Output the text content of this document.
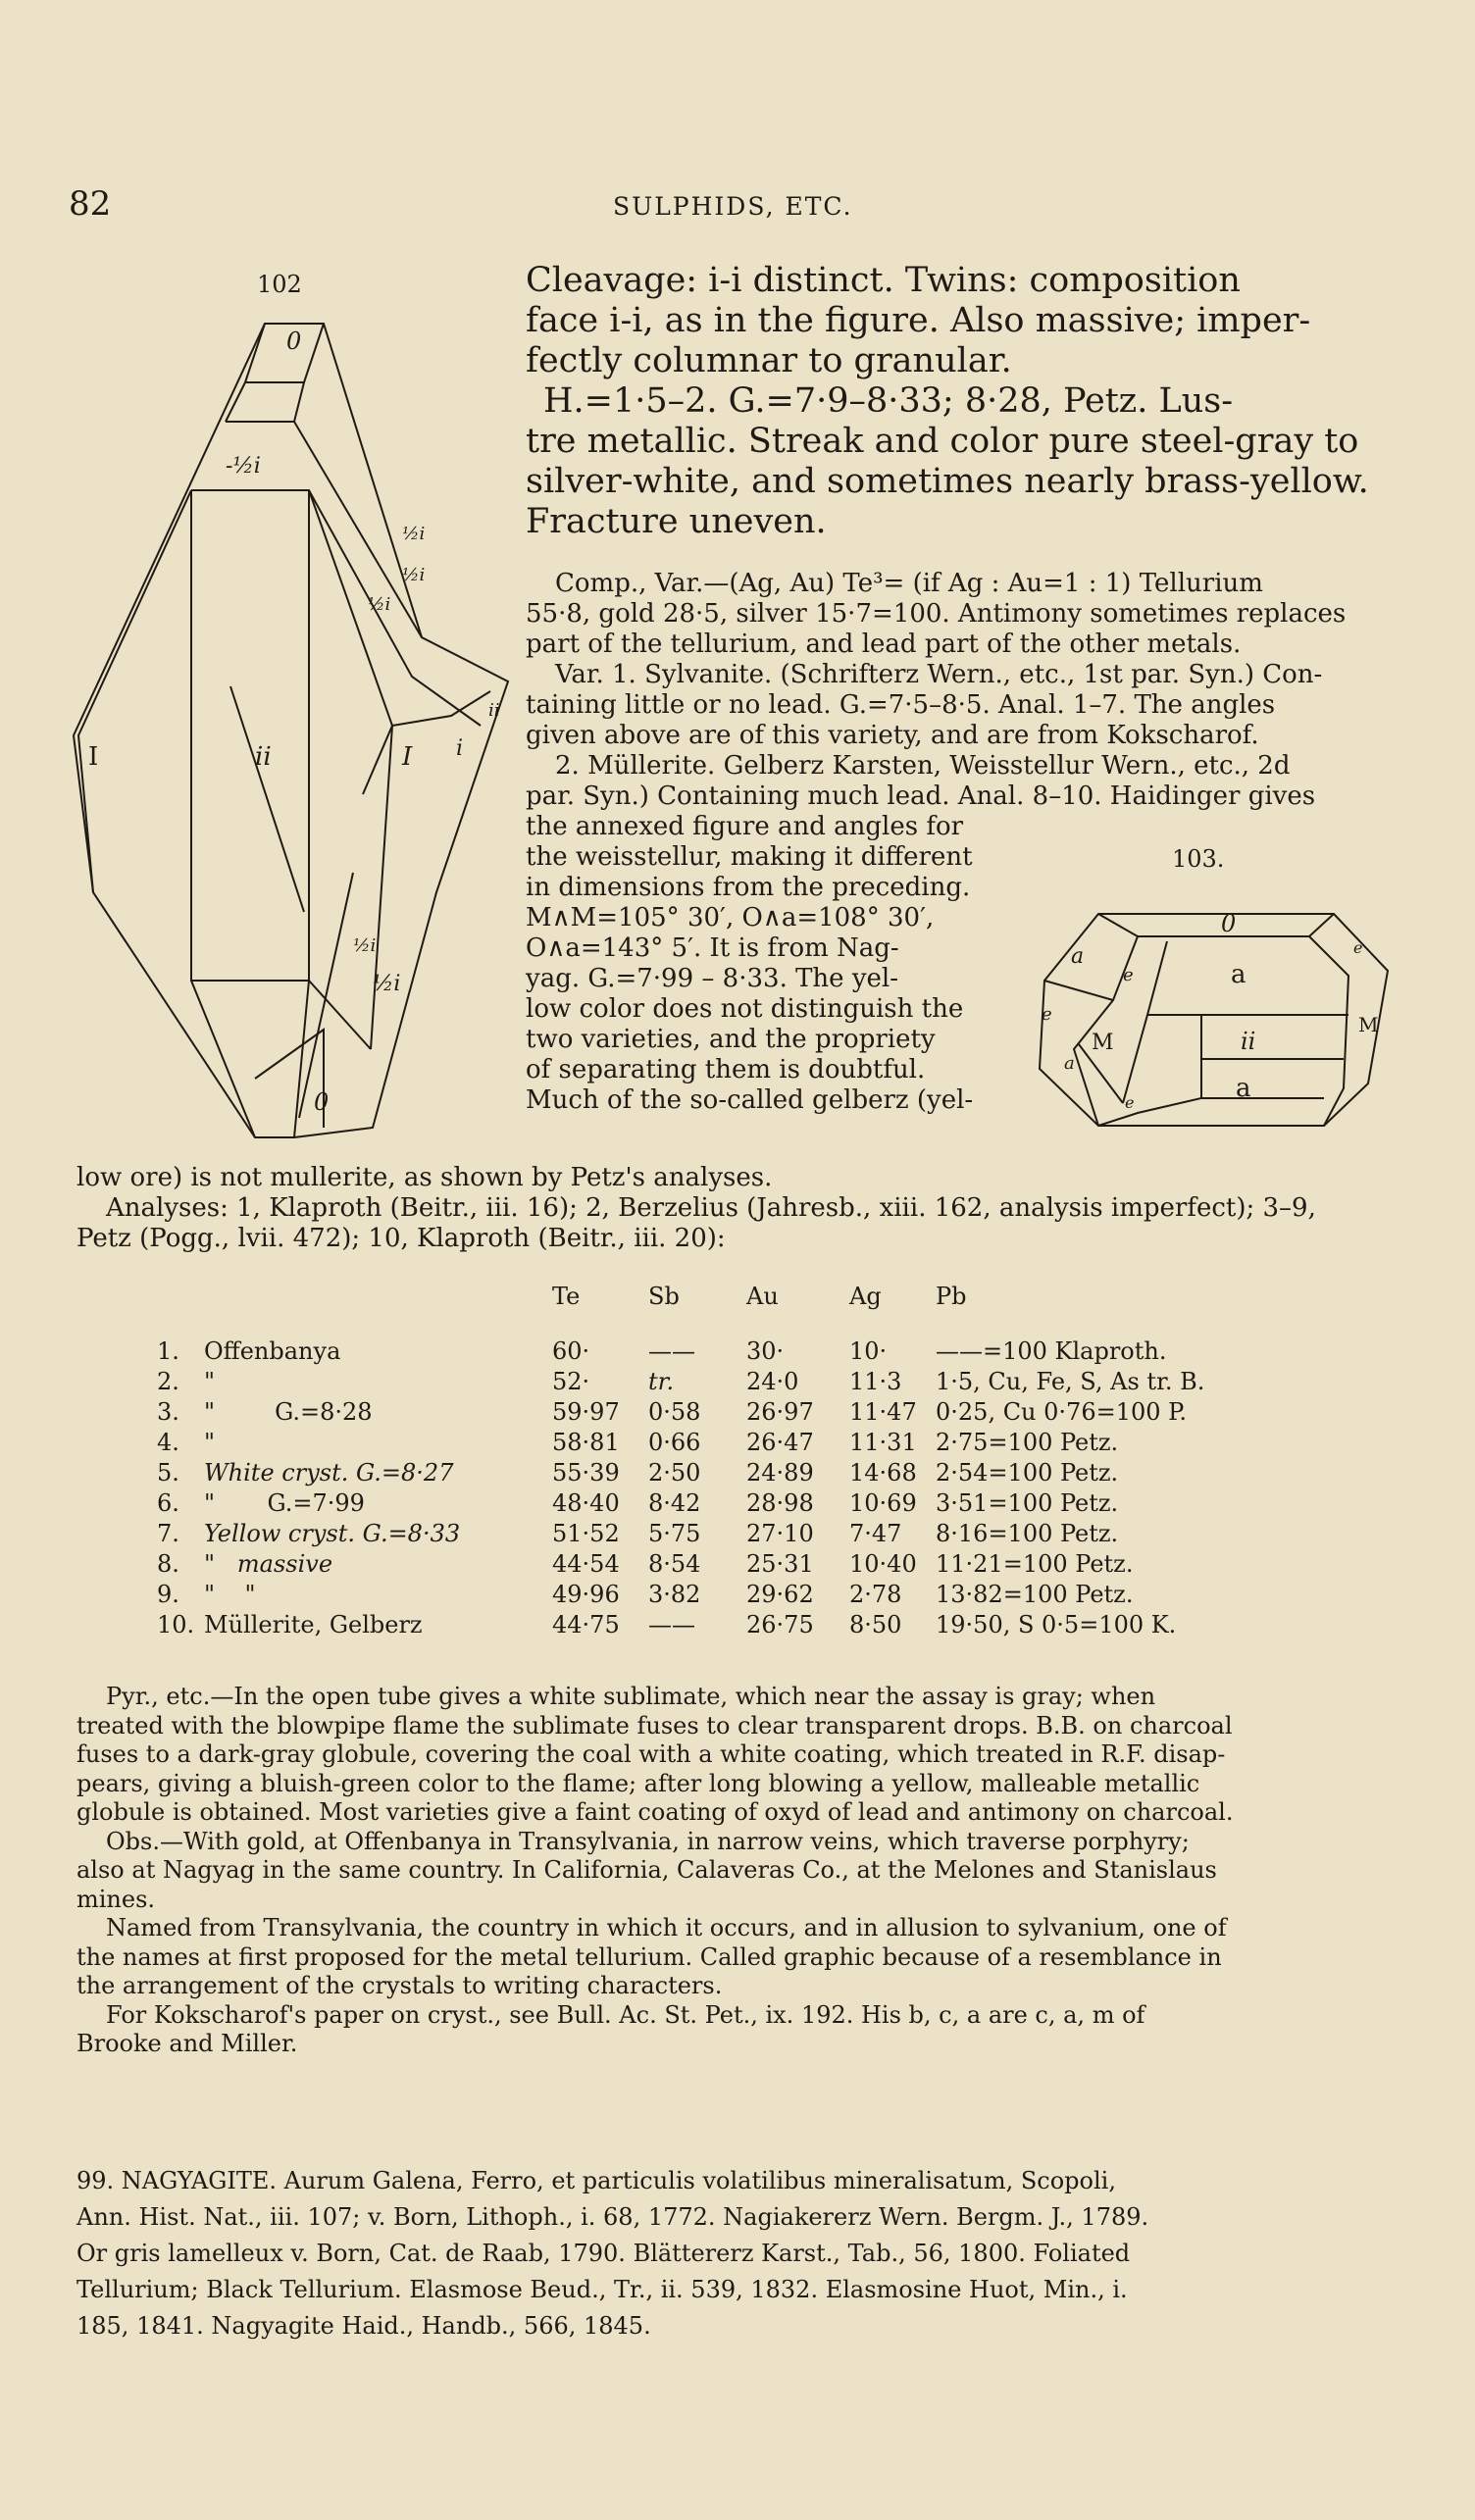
82	SULPHIDS, ETC.
102
0
-½i
I	ii	I i
ii
½i
½i
½i
½i
½i
0
Cleavage: i-i distinct. Twins: composition
face i-i, as in the figure. Also massive; imper-
fectly columnar to granular.
H.=1·5–2. G.=7·9–8·33; 8·28, Petz. Lus-
tre metallic. Streak and color pure steel-gray to
silver-white, and sometimes nearly brass-yellow.
Fracture uneven.
Comp., Var.—(Ag, Au) Te³= (if Ag : Au=1 : 1) Tellurium
55·8, gold 28·5, silver 15·7=100. Antimony sometimes replaces
part of the tellurium, and lead part of the other metals.
Var. 1. Sylvanite. (Schrifterz Wern., etc., 1st par. Syn.) Con-
taining little or no lead. G.=7·5–8·5. Anal. 1–7. The angles
given above are of this variety, and are from Kokscharof.
2. Müllerite. Gelberz Karsten, Weisstellur Wern., etc., 2d
par. Syn.) Containing much lead. Anal. 8–10. Haidinger gives
103.
0
a
e	a
e
e
M
M
ii
a
e	a
the annexed figure and angles for
the weisstellur, making it different
in dimensions from the preceding.
M∧M=105° 30′, O∧a=108° 30′,
O∧a=143° 5′. It is from Nag-
yag. G.=7·99 – 8·33. The yel-
low color does not distinguish the
two varieties, and the propriety
of separating them is doubtful.
Much of the so-called gelberz (yel-
low ore) is not mullerite, as shown by Petz's analyses.
Analyses: 1, Klaproth (Beitr., iii. 16); 2, Berzelius (Jahresb., xiii. 162, analysis imperfect); 3–9,
Petz (Pogg., lvii. 472); 10, Klaproth (Beitr., iii. 20):
		Te	Sb	Au	Ag	Pb
1.	Offenbanya	60·	——	30·	10·	——=100 Klaproth.
2.	"	52·	tr.	24·0	11·3	1·5, Cu, Fe, S, As tr. B.
3.	"        G.=8·28	59·97	0·58	26·97	11·47	0·25, Cu 0·76=100 P.
4.	"	58·81	0·66	26·47	11·31	2·75=100 Petz.
5.	White cryst. G.=8·27	55·39	2·50	24·89	14·68	2·54=100 Petz.
6.	"       G.=7·99	48·40	8·42	28·98	10·69	3·51=100 Petz.
7.	Yellow cryst. G.=8·33	51·52	5·75	27·10	7·47	8·16=100 Petz.
8.	"   massive	44·54	8·54	25·31	10·40	11·21=100 Petz.
9.	"    "	49·96	3·82	29·62	2·78	13·82=100 Petz.
10.	Müllerite, Gelberz	44·75	——	26·75	8·50	19·50, S 0·5=100 K.
Pyr., etc.—In the open tube gives a white sublimate, which near the assay is gray; when
treated with the blowpipe flame the sublimate fuses to clear transparent drops. B.B. on charcoal
fuses to a dark-gray globule, covering the coal with a white coating, which treated in R.F. disap-
pears, giving a bluish-green color to the flame; after long blowing a yellow, malleable metallic
globule is obtained. Most varieties give a faint coating of oxyd of lead and antimony on charcoal.
Obs.—With gold, at Offenbanya in Transylvania, in narrow veins, which traverse porphyry;
also at Nagyag in the same country. In California, Calaveras Co., at the Melones and Stanislaus
mines.
Named from Transylvania, the country in which it occurs, and in allusion to sylvanium, one of
the names at first proposed for the metal tellurium. Called graphic because of a resemblance in
the arrangement of the crystals to writing characters.
For Kokscharof's paper on cryst., see Bull. Ac. St. Pet., ix. 192. His b, c, a are c, a, m of
Brooke and Miller.
99. NAGYAGITE. Aurum Galena, Ferro, et particulis volatilibus mineralisatum, Scopoli,
Ann. Hist. Nat., iii. 107; v. Born, Lithoph., i. 68, 1772. Nagiakererz Wern. Bergm. J., 1789.
Or gris lamelleux v. Born, Cat. de Raab, 1790. Blättererz Karst., Tab., 56, 1800. Foliated
Tellurium; Black Tellurium. Elasmose Beud., Tr., ii. 539, 1832. Elasmosine Huot, Min., i.
185, 1841. Nagyagite Haid., Handb., 566, 1845.
